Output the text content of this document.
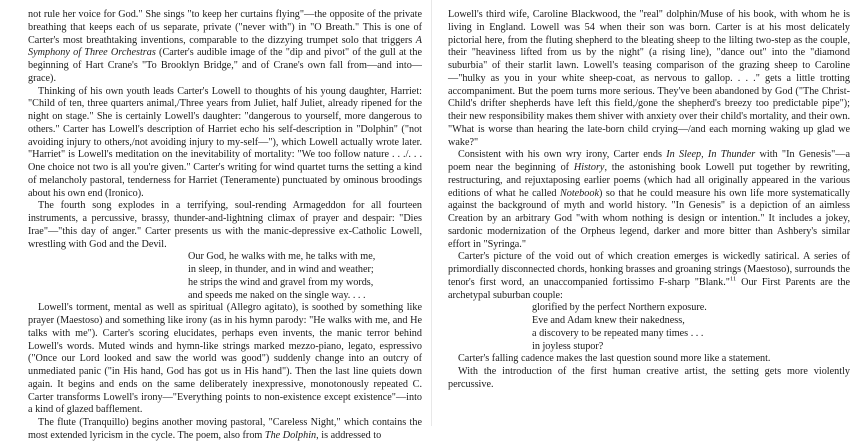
not rule her voice for God." She sings "to keep her curtains flying"—the opposite of the private breathing that keeps each of us separate, private ("never with") in "O Breath." This is one of Carter's most breathtaking inventions, comparable to the dizzying trumpet solo that triggers A Symphony of Three Orchestras (Carter's audible image of the "dip and pivot" of the gull at the beginning of Hart Crane's "To Brooklyn Bridge," and of Crane's own fall from—and into—grace).

Thinking of his own youth leads Carter's Lowell to thoughts of his young daughter, Harriet: "Child of ten, three quarters animal,/Three years from Juliet, half Juliet, already ripened for the night on stage." She is certainly Lowell's daughter: "dangerous to yourself, more dangerous to others." Carter has Lowell's description of Harriet echo his self-description in "Dolphin" ("not avoiding injury to others,/not avoiding injury to my-self—"), which Lowell actually wrote later. "Harriet" is Lowell's meditation on the inevitability of mortality: "We too follow nature . . ./. . . One choice not two is all you're given." Carter's writing for wind quartet turns the setting a kind of melancholy pastoral, tenderness for Harriet (Teneramente) punctuated by ominous broodings about his own end (Ironico).

The fourth song explodes in a terrifying, soul-rending Armageddon for all fourteen instruments, a percussive, brassy, thunder-and-lightning climax of prayer and despair: "Dies Irae"—"this day of anger." Carter presents us with the manic-depressive ex-Catholic Lowell, wrestling with God and the Devil.

Our God, he walks with me, he talks with me,
in sleep, in thunder, and in wind and weather;
he strips the wind and gravel from my words,
and speeds me naked on the single way. . . .

Lowell's torment, mental as well as spiritual (Allegro agitato), is soothed by something like prayer (Maestoso) and something like irony (as in his hymn parody: "He walks with me, and He talks with me"). Carter's scoring elucidates, perhaps even invents, the manic terror behind Lowell's words. Muted winds and hymn-like strings marked mezzo-piano, legato, espressivo ("Once our Lord looked and saw the world was good") suddenly change into an outcry of unmediated panic ("in His hand, God has got us in His hand"). Then the last line quiets down again. It begins and ends on the same deliberately inexpressive, monotonously repeated C. Carter transforms Lowell's irony—"Everything points to non-existence except existence"—into a kind of glazed bafflement.

The flute (Tranquillo) begins another moving pastoral, "Careless Night," which contains the most extended lyricism in the cycle. The poem, also from The Dolphin, is addressed to

Lowell's third wife, Caroline Blackwood, the "real" dolphin/Muse of his book, with whom he is living in England. Lowell was 54 when their son was born. Carter is at his most delicately pictorial here, from the fluting shepherd to the bleating sheep to the lilting two-step as the couple, their "heaviness lifted from us by the night" (a rising line), "dance out" into the "diamond suburbia" of their starlit lawn. Lowell's teasing comparison of the grazing sheep to Caroline—"hulky as you in your white sheep-coat, as nervous to gallop. . . ." gets a little trotting accompaniment. But the poem turns more serious. They've been abandoned by God ("The Christ-Child's drifter shepherds have left this field,/gone the shepherd's breezy too predictable pipe"); their new responsibility makes them shiver with anxiety over their child's mortality, and their own. "What is worse than hearing the late-born child crying—/and each morning waking up glad we wake?"

Consistent with his own wry irony, Carter ends In Sleep, In Thunder with "In Genesis"—a poem near the beginning of History, the astonishing book Lowell put together by rewriting, restructuring, and rejuxtaposing earlier poems (which had all originally appeared in the various editions of what he called Notebook) so that he could measure his own life more systematically against the background of myth and world history. "In Genesis" is a depiction of an aimless Creation by an arbitrary God "with whom nothing is design or intention." It includes a jokey, sardonic modernization of the Orpheus legend, darker and more bitter than Ashbery's similar effort in "Syringa."

Carter's picture of the void out of which creation emerges is wickedly satirical. A series of primordially disconnected chords, honking brasses and groaning strings (Maestoso), surrounds the tenor's first word, an unaccompanied fortissimo F-sharp "Blank."$^{11}$ Our First Parents are the archetypal suburban couple:

glorified by the perfect Northern exposure.
Eve and Adam knew their nakedness,
a discovery to be repeated many times . . .
in joyless stupor?

Carter's falling cadence makes the last question sound more like a statement.

With the introduction of the first human creative artist, the setting gets more violently percussive.
